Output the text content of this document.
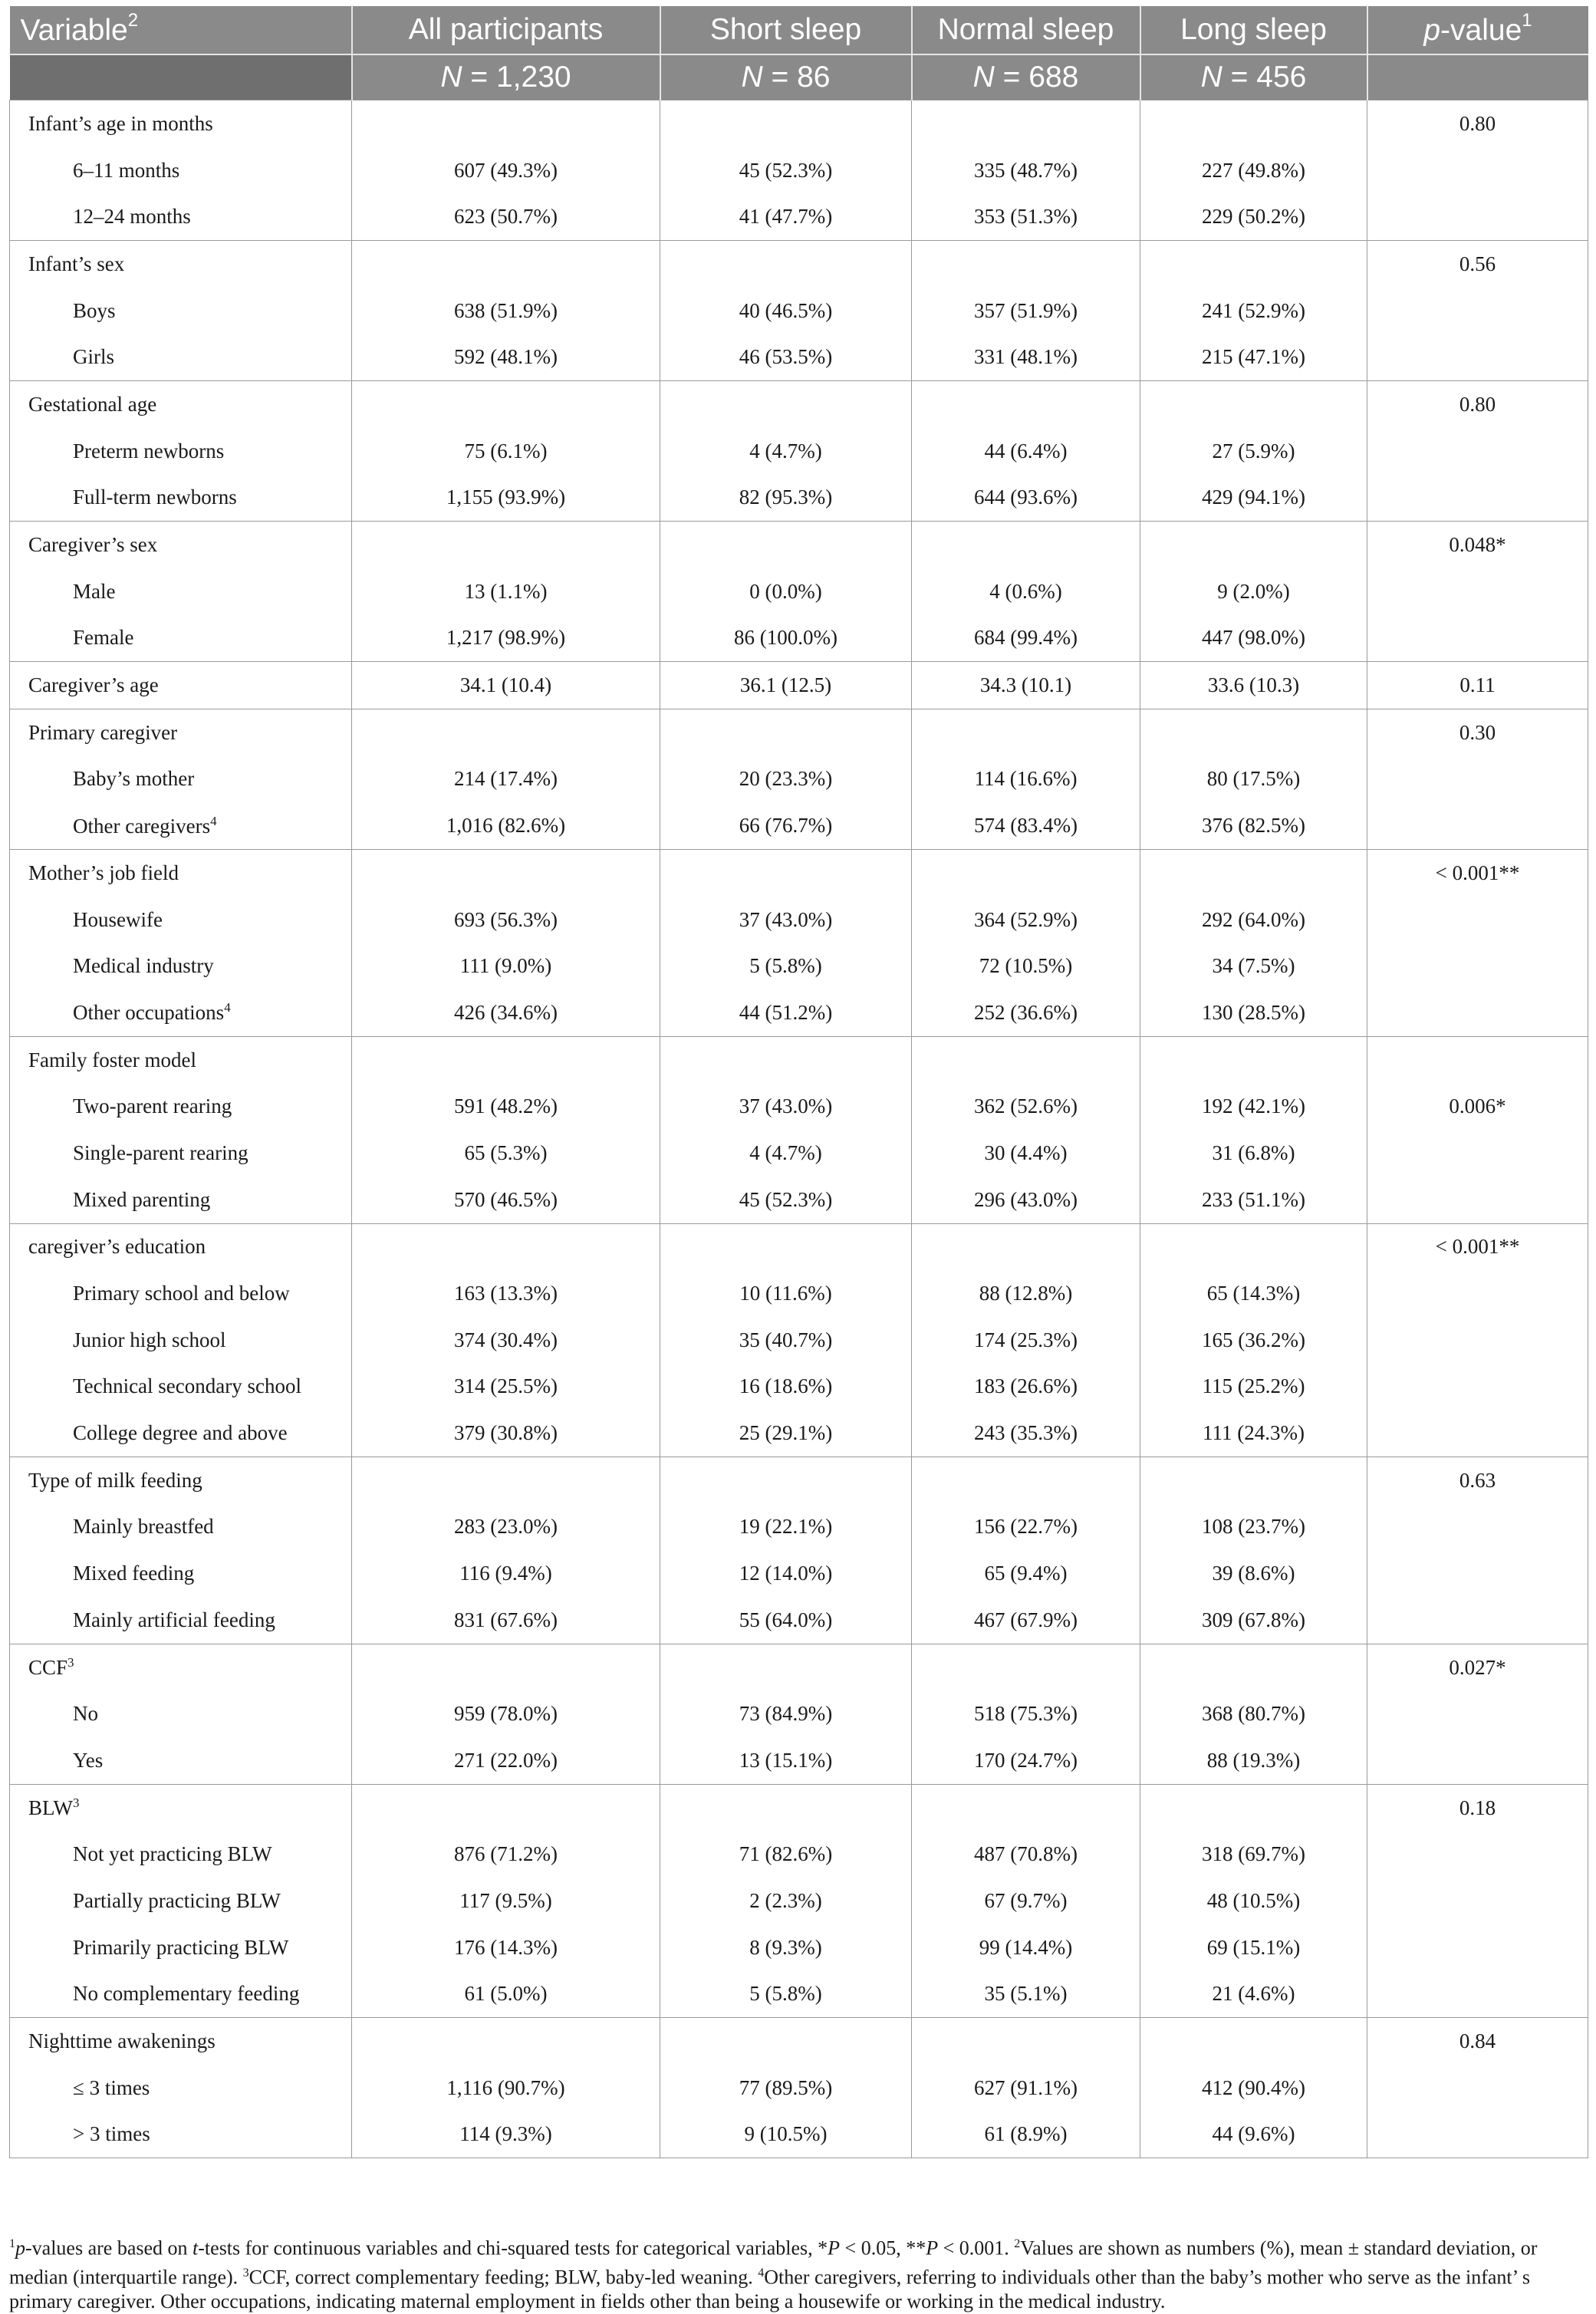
Variable$^2$	All participants	Short sleep	Normal sleep	Long sleep	p-value$^1$
	N = 1,230	N = 86	N = 688	N = 456	
Infant’s age in months					0.80
6–11 months	607 (49.3%)	45 (52.3%)	335 (48.7%)	227 (49.8%)	
12–24 months	623 (50.7%)	41 (47.7%)	353 (51.3%)	229 (50.2%)	
Infant’s sex					0.56
Boys	638 (51.9%)	40 (46.5%)	357 (51.9%)	241 (52.9%)	
Girls	592 (48.1%)	46 (53.5%)	331 (48.1%)	215 (47.1%)	
Gestational age					0.80
Preterm newborns	75 (6.1%)	4 (4.7%)	44 (6.4%)	27 (5.9%)	
Full-term newborns	1,155 (93.9%)	82 (95.3%)	644 (93.6%)	429 (94.1%)	
Caregiver’s sex					0.048*
Male	13 (1.1%)	0 (0.0%)	4 (0.6%)	9 (2.0%)	
Female	1,217 (98.9%)	86 (100.0%)	684 (99.4%)	447 (98.0%)	
Caregiver’s age	34.1 (10.4)	36.1 (12.5)	34.3 (10.1)	33.6 (10.3)	0.11
Primary caregiver					0.30
Baby’s mother	214 (17.4%)	20 (23.3%)	114 (16.6%)	80 (17.5%)	
Other caregivers$^4$	1,016 (82.6%)	66 (76.7%)	574 (83.4%)	376 (82.5%)	
Mother’s job field					< 0.001**
Housewife	693 (56.3%)	37 (43.0%)	364 (52.9%)	292 (64.0%)	
Medical industry	111 (9.0%)	5 (5.8%)	72 (10.5%)	34 (7.5%)	
Other occupations$^4$	426 (34.6%)	44 (51.2%)	252 (36.6%)	130 (28.5%)	
Family foster model					
Two-parent rearing	591 (48.2%)	37 (43.0%)	362 (52.6%)	192 (42.1%)	0.006*
Single-parent rearing	65 (5.3%)	4 (4.7%)	30 (4.4%)	31 (6.8%)	
Mixed parenting	570 (46.5%)	45 (52.3%)	296 (43.0%)	233 (51.1%)	
caregiver’s education					< 0.001**
Primary school and below	163 (13.3%)	10 (11.6%)	88 (12.8%)	65 (14.3%)	
Junior high school	374 (30.4%)	35 (40.7%)	174 (25.3%)	165 (36.2%)	
Technical secondary school	314 (25.5%)	16 (18.6%)	183 (26.6%)	115 (25.2%)	
College degree and above	379 (30.8%)	25 (29.1%)	243 (35.3%)	111 (24.3%)	
Type of milk feeding					0.63
Mainly breastfed	283 (23.0%)	19 (22.1%)	156 (22.7%)	108 (23.7%)	
Mixed feeding	116 (9.4%)	12 (14.0%)	65 (9.4%)	39 (8.6%)	
Mainly artificial feeding	831 (67.6%)	55 (64.0%)	467 (67.9%)	309 (67.8%)	
CCF$^3$					0.027*
No	959 (78.0%)	73 (84.9%)	518 (75.3%)	368 (80.7%)	
Yes	271 (22.0%)	13 (15.1%)	170 (24.7%)	88 (19.3%)	
BLW$^3$					0.18
Not yet practicing BLW	876 (71.2%)	71 (82.6%)	487 (70.8%)	318 (69.7%)	
Partially practicing BLW	117 (9.5%)	2 (2.3%)	67 (9.7%)	48 (10.5%)	
Primarily practicing BLW	176 (14.3%)	8 (9.3%)	99 (14.4%)	69 (15.1%)	
No complementary feeding	61 (5.0%)	5 (5.8%)	35 (5.1%)	21 (4.6%)	
Nighttime awakenings					0.84
≤ 3 times	1,116 (90.7%)	77 (89.5%)	627 (91.1%)	412 (90.4%)	
> 3 times	114 (9.3%)	9 (10.5%)	61 (8.9%)	44 (9.6%)	
$^1$p-values are based on t-tests for continuous variables and chi-squared tests for categorical variables, *P < 0.05, **P < 0.001. $^2$Values are shown as numbers (%), mean ± standard deviation, or median (interquartile range). $^3$CCF, correct complementary feeding; BLW, baby-led weaning. $^4$Other caregivers, referring to individuals other than the baby’s mother who serve as the infant’ s primary caregiver. Other occupations, indicating maternal employment in fields other than being a housewife or working in the medical industry.
